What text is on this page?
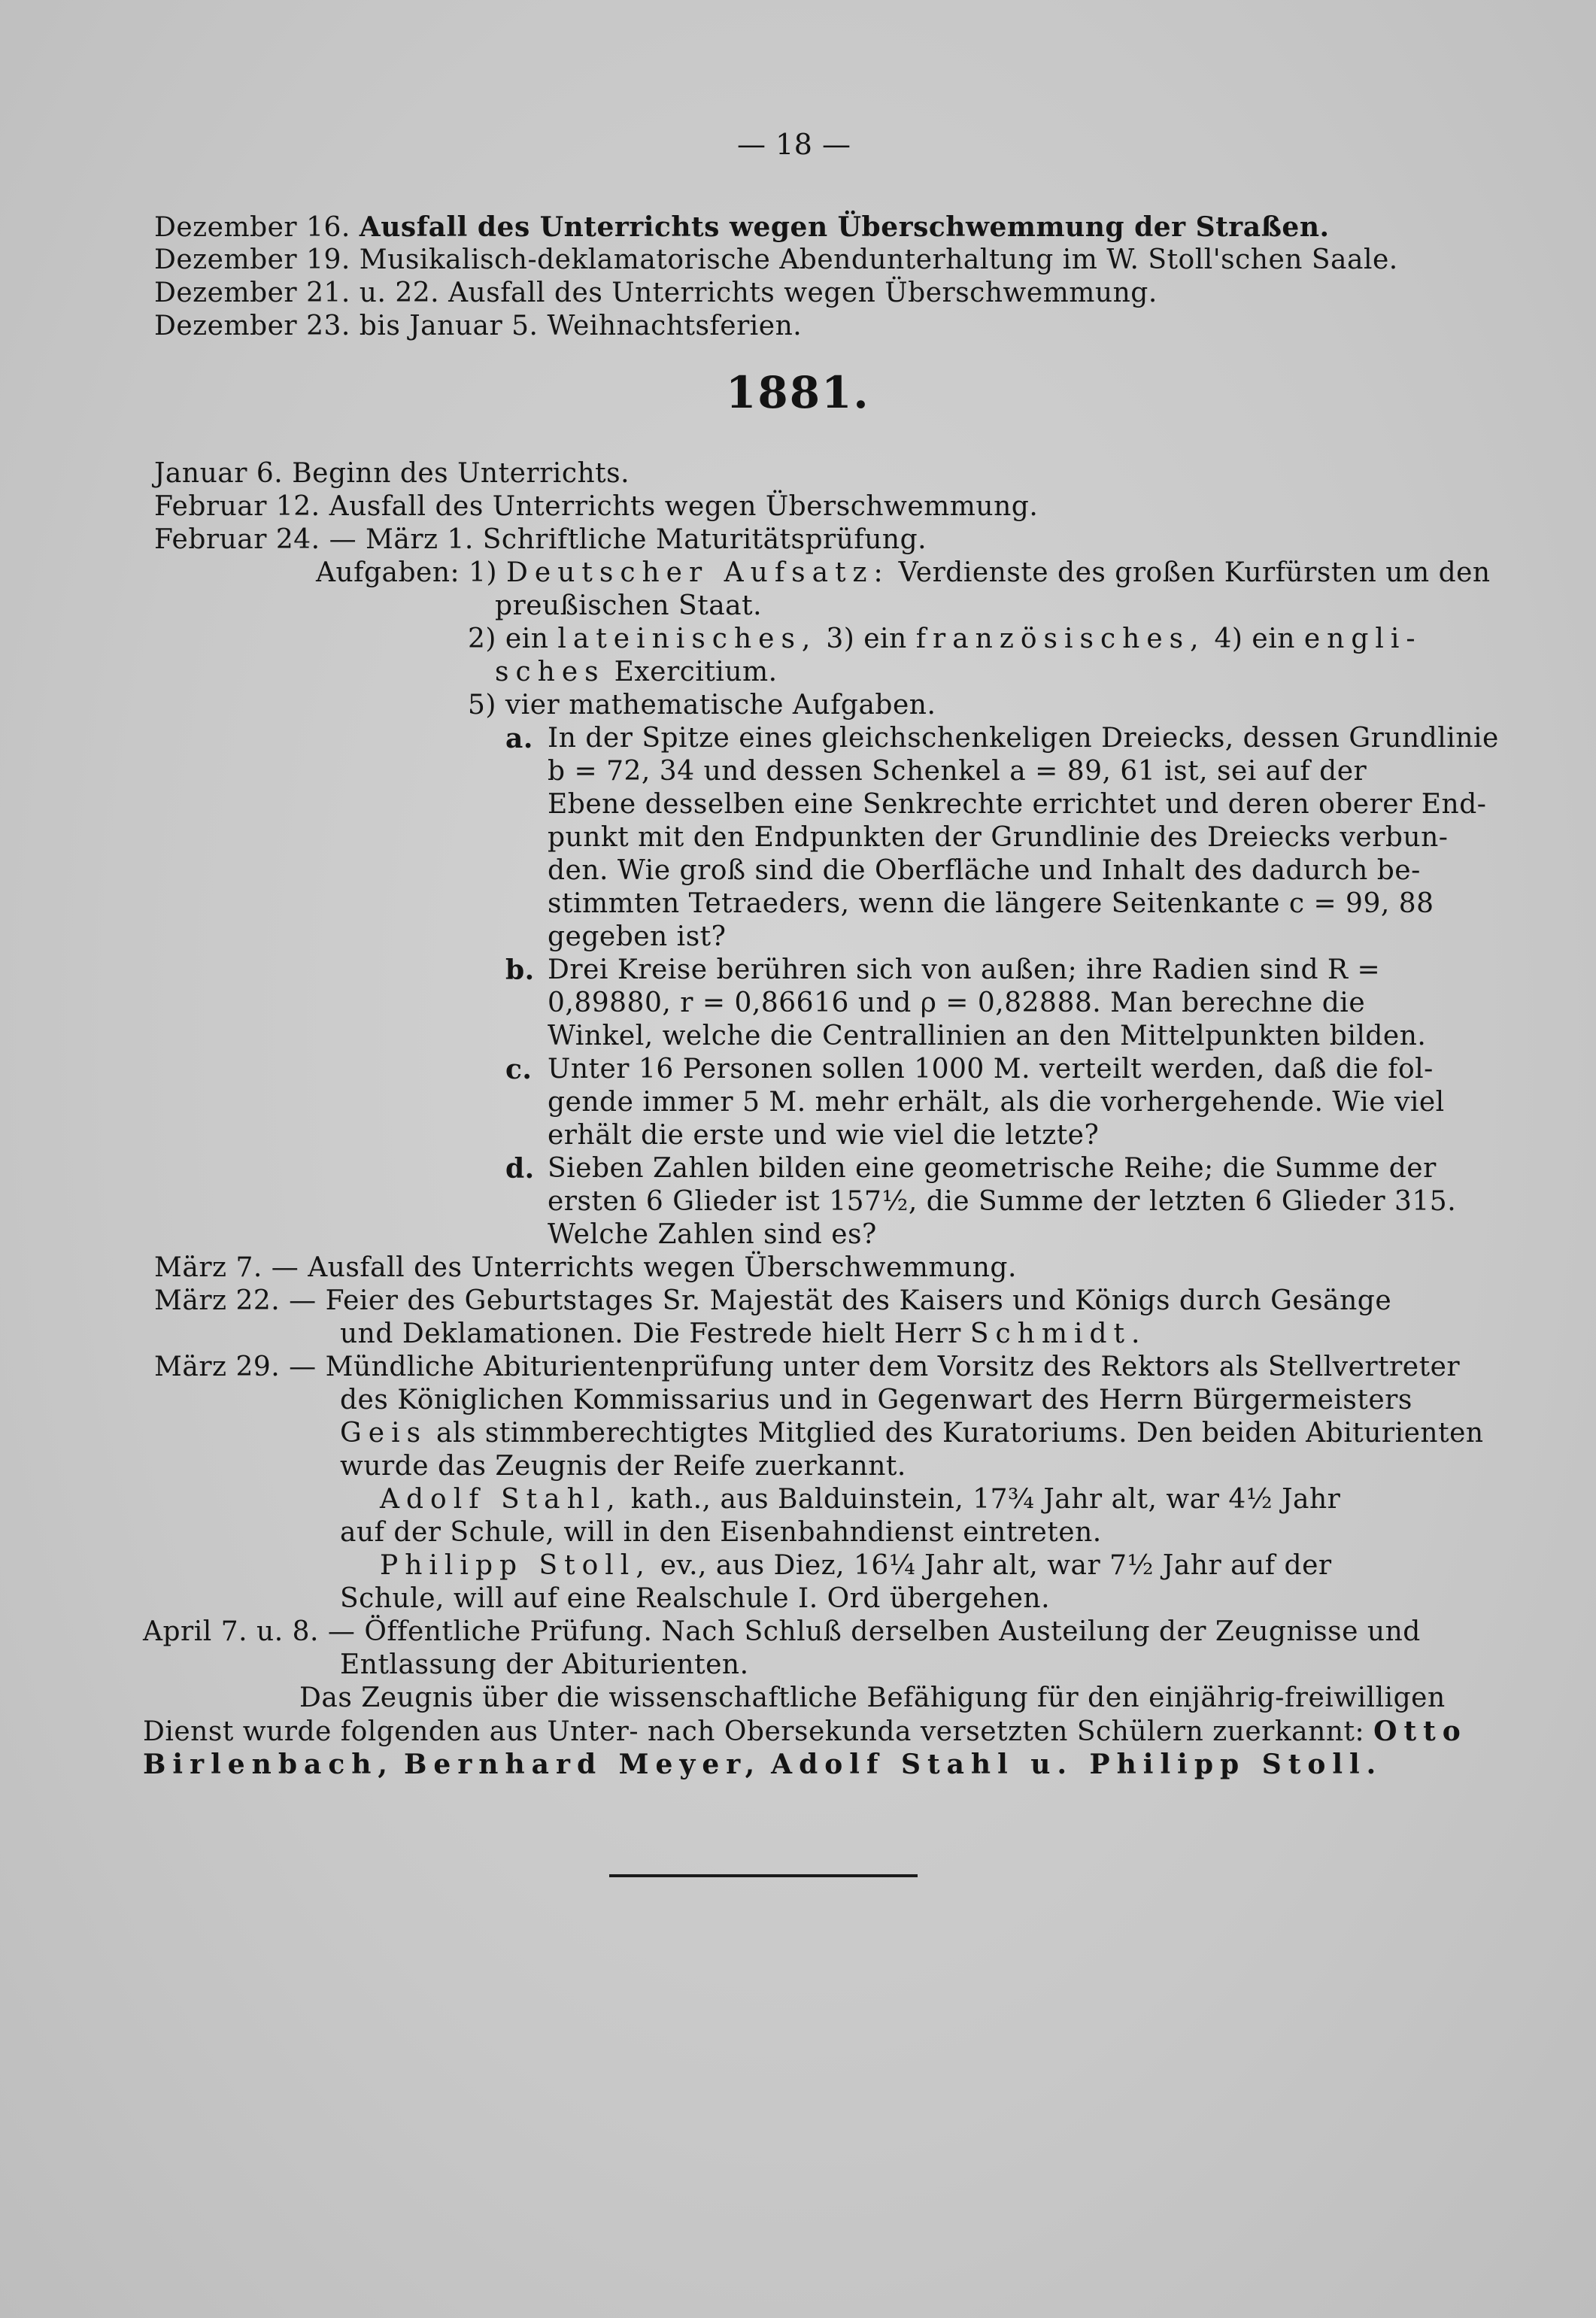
— 18 —
Dezember 16. Ausfall des Unterrichts wegen Überschwemmung der Straßen.
Dezember 19. Musikalisch-deklamatorische Abendunterhaltung im W. Stoll'schen Saale.
Dezember 21. u. 22. Ausfall des Unterrichts wegen Überschwemmung.
Dezember 23. bis Januar 5. Weihnachtsferien.
1881.
Januar 6. Beginn des Unterrichts.
Februar 12. Ausfall des Unterrichts wegen Überschwemmung.
Februar 24. — März 1. Schriftliche Maturitätsprüfung.
Aufgaben: 1) Deutscher Aufsatz: Verdienste des großen Kurfürsten um den
preußischen Staat.
2) ein lateinisches, 3) ein französisches, 4) ein engli-
sches Exercitium.
5) vier mathematische Aufgaben.
a. In der Spitze eines gleichschenkeligen Dreiecks, dessen Grundlinie
b = 72, 34 und dessen Schenkel a = 89, 61 ist, sei auf der
Ebene desselben eine Senkrechte errichtet und deren oberer End-
punkt mit den Endpunkten der Grundlinie des Dreiecks verbun-
den. Wie groß sind die Oberfläche und Inhalt des dadurch be-
stimmten Tetraeders, wenn die längere Seitenkante c = 99, 88
gegeben ist?
b. Drei Kreise berühren sich von außen; ihre Radien sind R =
0,89880, r = 0,86616 und ρ = 0,82888. Man berechne die
Winkel, welche die Centrallinien an den Mittelpunkten bilden.
c. Unter 16 Personen sollen 1000 M. verteilt werden, daß die fol-
gende immer 5 M. mehr erhält, als die vorhergehende. Wie viel
erhält die erste und wie viel die letzte?
d. Sieben Zahlen bilden eine geometrische Reihe; die Summe der
ersten 6 Glieder ist 157½, die Summe der letzten 6 Glieder 315.
Welche Zahlen sind es?
März 7. — Ausfall des Unterrichts wegen Überschwemmung.
März 22. — Feier des Geburtstages Sr. Majestät des Kaisers und Königs durch Gesänge
und Deklamationen. Die Festrede hielt Herr Schmidt.
März 29. — Mündliche Abiturientenprüfung unter dem Vorsitz des Rektors als Stellvertreter
des Königlichen Kommissarius und in Gegenwart des Herrn Bürgermeisters
Geis als stimmberechtigtes Mitglied des Kuratoriums. Den beiden Abiturienten
wurde das Zeugnis der Reife zuerkannt.
Adolf Stahl, kath., aus Balduinstein, 17¾ Jahr alt, war 4½ Jahr
auf der Schule, will in den Eisenbahndienst eintreten.
Philipp Stoll, ev., aus Diez, 16¼ Jahr alt, war 7½ Jahr auf der
Schule, will auf eine Realschule I. Ord übergehen.
April 7. u. 8. — Öffentliche Prüfung. Nach Schluß derselben Austeilung der Zeugnisse und
Entlassung der Abiturienten.
Das Zeugnis über die wissenschaftliche Befähigung für den einjährig-freiwilligen
Dienst wurde folgenden aus Unter- nach Obersekunda versetzten Schülern zuerkannt: Otto
Birlenbach, Bernhard Meyer, Adolf Stahl u. Philipp Stoll.
